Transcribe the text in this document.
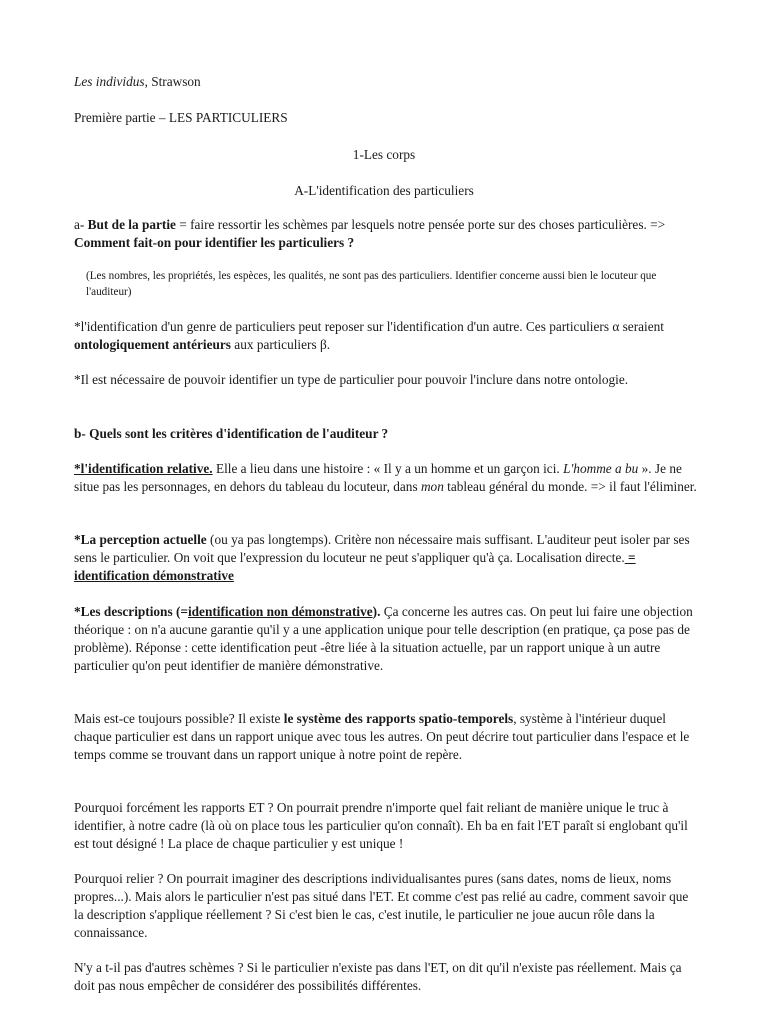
Les individus, Strawson

Première partie – LES PARTICULIERS

1-Les corps

A-L'identification des particuliers

a- But de la partie = faire ressortir les schèmes par lesquels notre pensée porte sur des choses particulières. => Comment fait-on pour identifier les particuliers ?

(Les nombres, les propriétés, les espèces, les qualités, ne sont pas des particuliers. Identifier concerne aussi bien le locuteur que l'auditeur)

*l'identification d'un genre de particuliers peut reposer sur l'identification d'un autre. Ces particuliers α seraient ontologiquement antérieurs aux particuliers β.

*Il est nécessaire de pouvoir identifier un type de particulier pour pouvoir l'inclure dans notre ontologie.

b- Quels sont les critères d'identification de l'auditeur ?

*l'identification relative. Elle a lieu dans une histoire : « Il y a un homme et un garçon ici. L'homme a bu ». Je ne situe pas les personnages, en dehors du tableau du locuteur, dans mon tableau général du monde. => il faut l'éliminer.

*La perception actuelle (ou ya pas longtemps). Critère non nécessaire mais suffisant. L'auditeur peut isoler par ses sens le particulier. On voit que l'expression du locuteur ne peut s'appliquer qu'à ça. Localisation directe. = identification démonstrative

*Les descriptions (=identification non démonstrative). Ça concerne les autres cas. On peut lui faire une objection théorique : on n'a aucune garantie qu'il y a une application unique pour telle description (en pratique, ça pose pas de problème). Réponse : cette identification peut -être liée à la situation actuelle, par un rapport unique à un autre particulier qu'on peut identifier de manière démonstrative.

Mais est-ce toujours possible? Il existe le système des rapports spatio-temporels, système à l'intérieur duquel chaque particulier est dans un rapport unique avec tous les autres. On peut décrire tout particulier dans l'espace et le temps comme se trouvant dans un rapport unique à notre point de repère.

Pourquoi forcément les rapports ET ? On pourrait prendre n'importe quel fait reliant de manière unique le truc à identifier, à notre cadre (là où on place tous les particulier qu'on connaît). Eh ba en fait l'ET paraît si englobant qu'il est tout désigné ! La place de chaque particulier y est unique !

Pourquoi relier ? On pourrait imaginer des descriptions individualisantes pures (sans dates, noms de lieux, noms propres...). Mais alors le particulier n'est pas situé dans l'ET. Et comme c'est pas relié au cadre, comment savoir que la description s'applique réellement ? Si c'est bien le cas, c'est inutile, le particulier ne joue aucun rôle dans la connaissance.

N'y a t-il pas d'autres schèmes ? Si le particulier n'existe pas dans l'ET, on dit qu'il n'existe pas réellement. Mais ça doit pas nous empêcher de considérer des possibilités différentes.
